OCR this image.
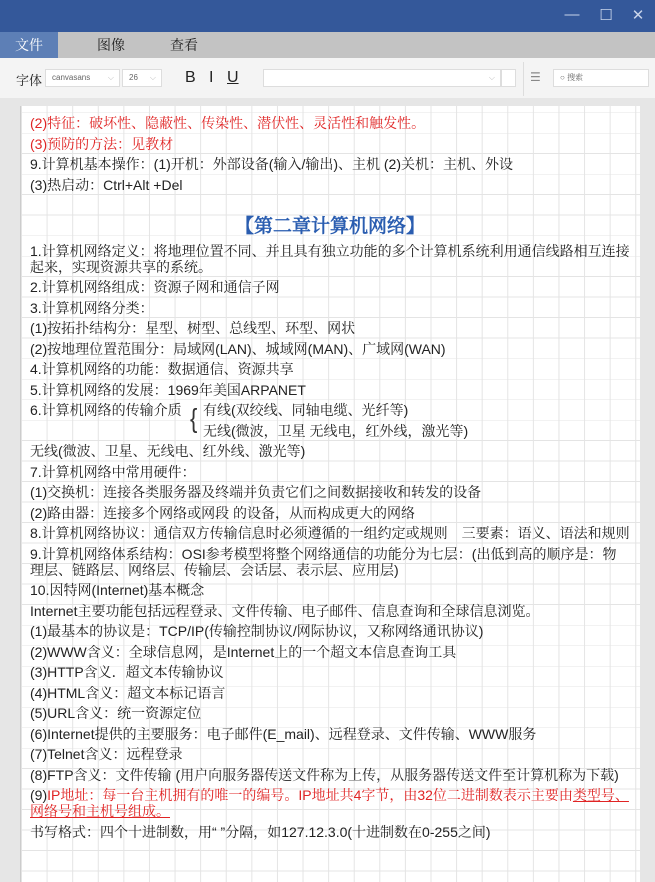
— ☐ ✕
文件	图像	查看
字体	canvasans ⌵	26 ⌵ B I U	⌵	☰	○ 搜索
(2)特征：破坏性、隐蔽性、传染性、潜伏性、灵活性和触发性。
(3)预防的方法：见教材
9.计算机基本操作：(1)开机：外部设备(输入/输出)、主机 (2)关机：主机、外设
(3)热启动：Ctrl+Alt +Del
【第二章计算机网络】
1.计算机网络定义：将地理位置不同、并且具有独立功能的多个计算机系统利用通信线路相互连接起来，实现资源共享的系统。
2.计算机网络组成：资源子网和通信子网
3.计算机网络分类：
(1)按拓扑结构分：星型、树型、总线型、环型、网状
(2)按地理位置范围分：局域网(LAN)、城域网(MAN)、广域网(WAN)
4.计算机网络的功能：数据通信、资源共享
5.计算机网络的发展：1969年美国ARPANET
6.计算机网络的传输介质 { 有线(双绞线、同轴电缆、光纤等)
无线(微波，卫星 无线电，红外线，激光等)
无线(微波、卫星、无线电、红外线、激光等)
7.计算机网络中常用硬件：
(1)交换机：连接各类服务器及终端并负责它们之间数据接收和转发的设备
(2)路由器：连接多个网络或网段 的设备，从而构成更大的网络
8.计算机网络协议：通信双方传输信息时必须遵循的一组约定或规则　三要素：语义、语法和规则
9.计算机网络体系结构：OSI参考模型将整个网络通信的功能分为七层：(出低到高的顺序是：物理层、链路层、网络层、传输层、会话层、表示层、应用层)
10.因特网(Internet)基本概念
Internet主要功能包括远程登录、文件传输、电子邮件、信息查询和全球信息浏览。
(1)最基本的协议是：TCP/IP(传输控制协议/网际协议，又称网络通讯协议)
(2)WWW含义：全球信息网，是Internet上的一个超文本信息查询工具
(3)HTTP含义．超文本传输协议
(4)HTML含义：超文本标记语言
(5)URL含义：统一资源定位
(6)Internet提供的主要服务：电子邮件(E_mail)、远程登录、文件传输、WWW服务
(7)Telnet含义：远程登录
(8)FTP含义：文件传输 (用户向服务器传送文件称为上传，从服务器传送文件至计算机称为下载)
(9)IP地址：每一台主机拥有的唯一的编号。IP地址共4字节，由32位二进制数表示主要由类型号、网络号和主机号组成。
书写格式：四个十进制数，用“ ”分隔，如127.12.3.0(十进制数在0-255之间)
